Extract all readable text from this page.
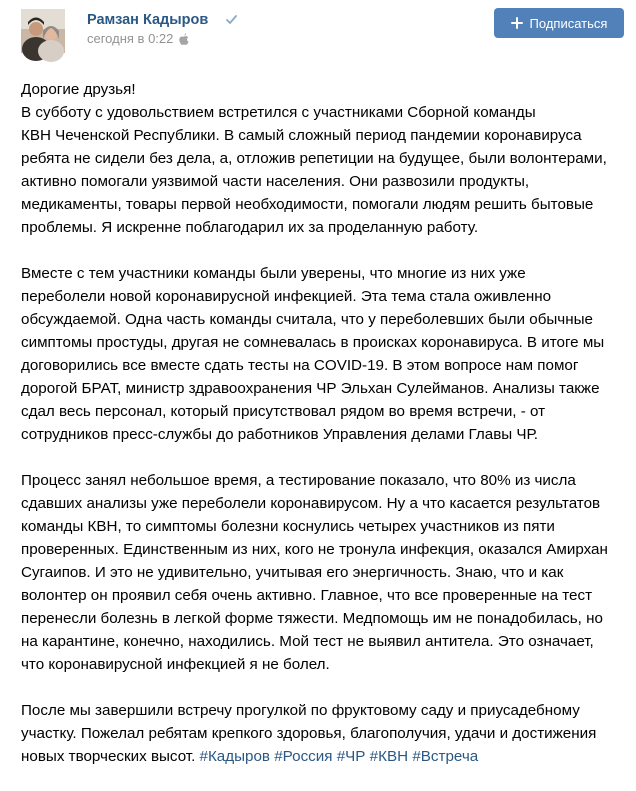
Рамзан Кадыров
сегодня в 0:22
Подписаться

Дорогие друзья!
В субботу с удовольствием встретился с участниками Сборной команды
КВН Чеченской Республики. В самый сложный период пандемии коронавируса
ребята не сидели без дела, а, отложив репетиции на будущее, были волонтерами,
активно помогали уязвимой части населения. Они развозили продукты,
медикаменты, товары первой необходимости, помогали людям решить бытовые
проблемы. Я искренне поблагодарил их за проделанную работу.

Вместе с тем участники команды были уверены, что многие из них уже
переболели новой коронавирусной инфекцией. Эта тема стала оживленно
обсуждаемой. Одна часть команды считала, что у переболевших были обычные
симптомы простуды, другая не сомневалась в происках коронавируса. В итоге мы
договорились все вместе сдать тесты на COVID-19. В этом вопросе нам помог
дорогой БРАТ, министр здравоохранения ЧР Эльхан Сулейманов. Анализы также
сдал весь персонал, который присутствовал рядом во время встречи, - от
сотрудников пресс-службы до работников Управления делами Главы ЧР.

Процесс занял небольшое время, а тестирование показало, что 80% из числа
сдавших анализы уже переболели коронавирусом. Ну а что касается результатов
команды КВН, то симптомы болезни коснулись четырех участников из пяти
проверенных. Единственным из них, кого не тронула инфекция, оказался Амирхан
Сугаипов. И это не удивительно, учитывая его энергичность. Знаю, что и как
волонтер он проявил себя очень активно. Главное, что все проверенные на тест
перенесли болезнь в легкой форме тяжести. Медпомощь им не понадобилась, но
на карантине, конечно, находились. Мой тест не выявил антитела. Это означает,
что коронавирусной инфекцией я не болел.

После мы завершили встречу прогулкой по фруктовому саду и приусадебному
участку. Пожелал ребятам крепкого здоровья, благополучия, удачи и достижения
новых творческих высот. #Кадыров #Россия #ЧР #КВН #Встреча
